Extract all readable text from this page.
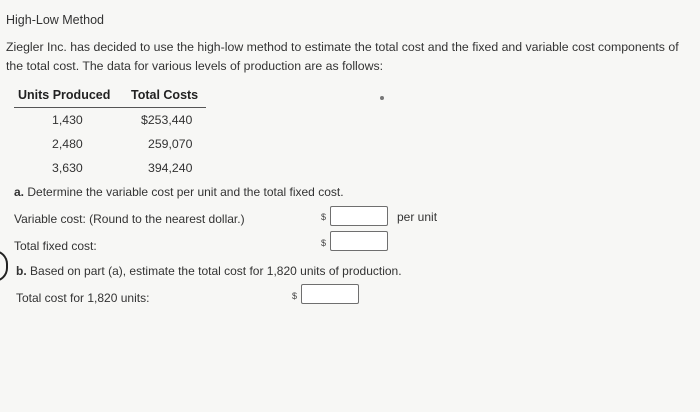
High-Low Method
Ziegler Inc. has decided to use the high-low method to estimate the total cost and the fixed and variable cost components of the total cost. The data for various levels of production are as follows:
Units Produced Total Costs
1,430	$253,440
2,480	259,070
3,630	394,240
a. Determine the variable cost per unit and the total fixed cost.
Variable cost: (Round to the nearest dollar.)	$	per unit
Total fixed cost:	$
b. Based on part (a), estimate the total cost for 1,820 units of production.
Total cost for 1,820 units:	$
